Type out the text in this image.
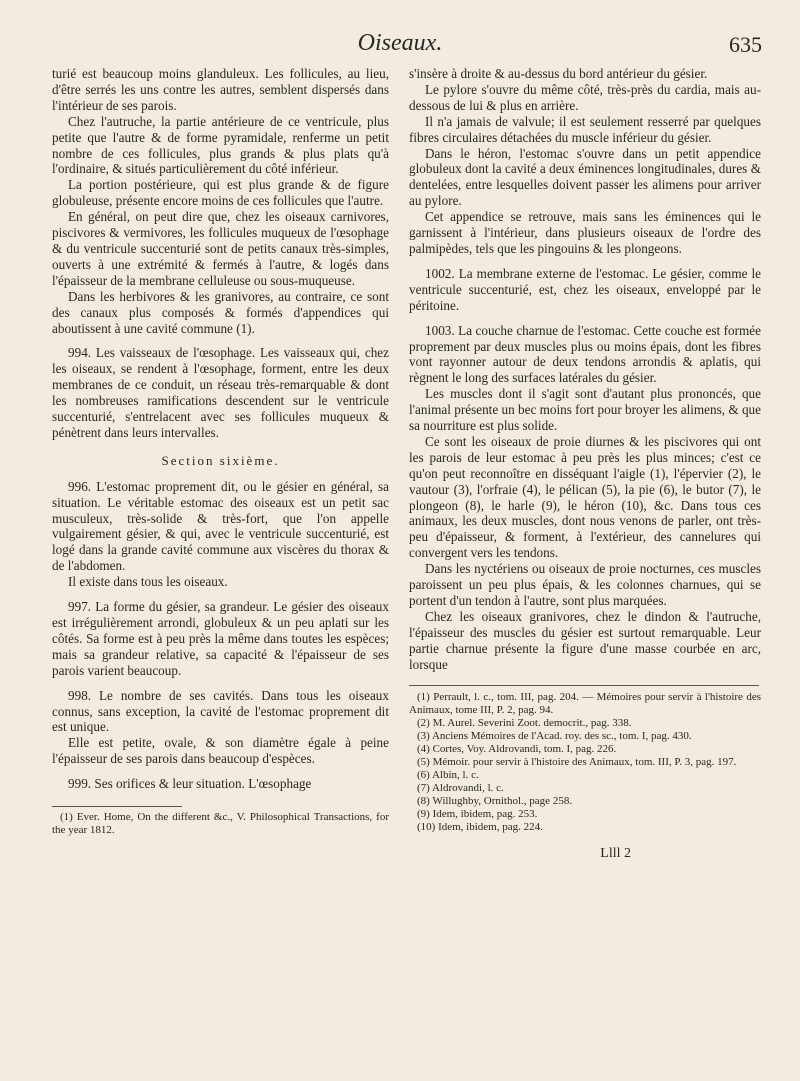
Oiseaux.	635

turié est beaucoup moins glanduleux. Les follicules, au lieu, d'être serrés les uns contre les autres, semblent dispersés dans l'intérieur de ses parois.

Chez l'autruche, la partie antérieure de ce ventricule, plus petite que l'autre & de forme pyramidale, renferme un petit nombre de ces follicules, plus grands & plus plats qu'à l'ordinaire, & situés particulièrement du côté inférieur.

La portion postérieure, qui est plus grande & de figure globuleuse, présente encore moins de ces follicules que l'autre.

En général, on peut dire que, chez les oiseaux carnivores, piscivores & vermivores, les follicules muqueux de l'œsophage & du ventricule succenturié sont de petits canaux très-simples, ouverts à une extrémité & fermés à l'autre, & logés dans l'épaisseur de la membrane celluleuse ou sous-muqueuse.

Dans les herbivores & les granivores, au contraire, ce sont des canaux plus composés & formés d'appendices qui aboutissent à une cavité commune (1).

994. Les vaisseaux de l'œsophage. Les vaisseaux qui, chez les oiseaux, se rendent à l'œsophage, forment, entre les deux membranes de ce conduit, un réseau très-remarquable & dont les nombreuses ramifications descendent sur le ventricule succenturié, s'entrelacent avec ses follicules muqueux & pénètrent dans leurs intervalles.

Section sixième.

996. L'estomac proprement dit, ou le gésier en général, sa situation. Le véritable estomac des oiseaux est un petit sac musculeux, très-solide & très-fort, que l'on appelle vulgairement gésier, & qui, avec le ventricule succenturié, est logé dans la grande cavité commune aux viscères du thorax & de l'abdomen.

Il existe dans tous les oiseaux.

997. La forme du gésier, sa grandeur. Le gésier des oiseaux est irrégulièrement arrondi, globuleux & un peu aplati sur les côtés. Sa forme est à peu près la même dans toutes les espèces; mais sa grandeur relative, sa capacité & l'épaisseur de ses parois varient beaucoup.

998. Le nombre de ses cavités. Dans tous les oiseaux connus, sans exception, la cavité de l'estomac proprement dit est unique.

Elle est petite, ovale, & son diamètre égale à peine l'épaisseur de ses parois dans beaucoup d'espèces.

999. Ses orifices & leur situation. L'œsophage

(1) Ever. Home, On the different &c., V. Philosophical Transactions, for the year 1812.

s'insère à droite & au-dessus du bord antérieur du gésier.

Le pylore s'ouvre du même côté, très-près du cardia, mais au-dessous de lui & plus en arrière.

Il n'a jamais de valvule; il est seulement resserré par quelques fibres circulaires détachées du muscle inférieur du gésier.

Dans le héron, l'estomac s'ouvre dans un petit appendice globuleux dont la cavité a deux éminences longitudinales, dures & dentelées, entre lesquelles doivent passer les alimens pour arriver au pylore.

Cet appendice se retrouve, mais sans les éminences qui le garnissent à l'intérieur, dans plusieurs oiseaux de l'ordre des palmipèdes, tels que les pingouins & les plongeons.

1002. La membrane externe de l'estomac. Le gésier, comme le ventricule succenturié, est, chez les oiseaux, enveloppé par le péritoine.

1003. La couche charnue de l'estomac. Cette couche est formée proprement par deux muscles plus ou moins épais, dont les fibres vont rayonner autour de deux tendons arrondis & aplatis, qui règnent le long des surfaces latérales du gésier.

Les muscles dont il s'agit sont d'autant plus prononcés, que l'animal présente un bec moins fort pour broyer les alimens, & que sa nourriture est plus solide.

Ce sont les oiseaux de proie diurnes & les piscivores qui ont les parois de leur estomac à peu près les plus minces; c'est ce qu'on peut reconnoître en disséquant l'aigle (1), l'épervier (2), le vautour (3), l'orfraie (4), le pélican (5), la pie (6), le butor (7), le plongeon (8), le harle (9), le héron (10), &c. Dans tous ces animaux, les deux muscles, dont nous venons de parler, ont très-peu d'épaisseur, & forment, à l'extérieur, des cannelures qui convergent vers les tendons.

Dans les nyctériens ou oiseaux de proie nocturnes, ces muscles paroissent un peu plus épais, & les colonnes charnues, qui se portent d'un tendon à l'autre, sont plus marquées.

Chez les oiseaux granivores, chez le dindon & l'autruche, l'épaisseur des muscles du gésier est surtout remarquable. Leur partie charnue présente la figure d'une masse courbée en arc, lorsque

(1) Perrault, l. c., tom. III, pag. 204. — Mémoires pour servir à l'histoire des Animaux, tome III, P. 2, pag. 94.

(2) M. Aurel. Severini Zoot. democrit., pag. 338.

(3) Anciens Mémoires de l'Acad. roy. des sc., tom. I, pag. 430.

(4) Cortes, Voy. Aldrovandi, tom. I, pag. 226.

(5) Mémoir. pour servir à l'histoire des Animaux, tom. III, P. 3, pag. 197.

(6) Albin, l. c.

(7) Aldrovandi, l. c.

(8) Willughby, Ornithol., page 258.

(9) Idem, ibidem, pag. 253.

(10) Idem, ibidem, pag. 224.

Llll 2
